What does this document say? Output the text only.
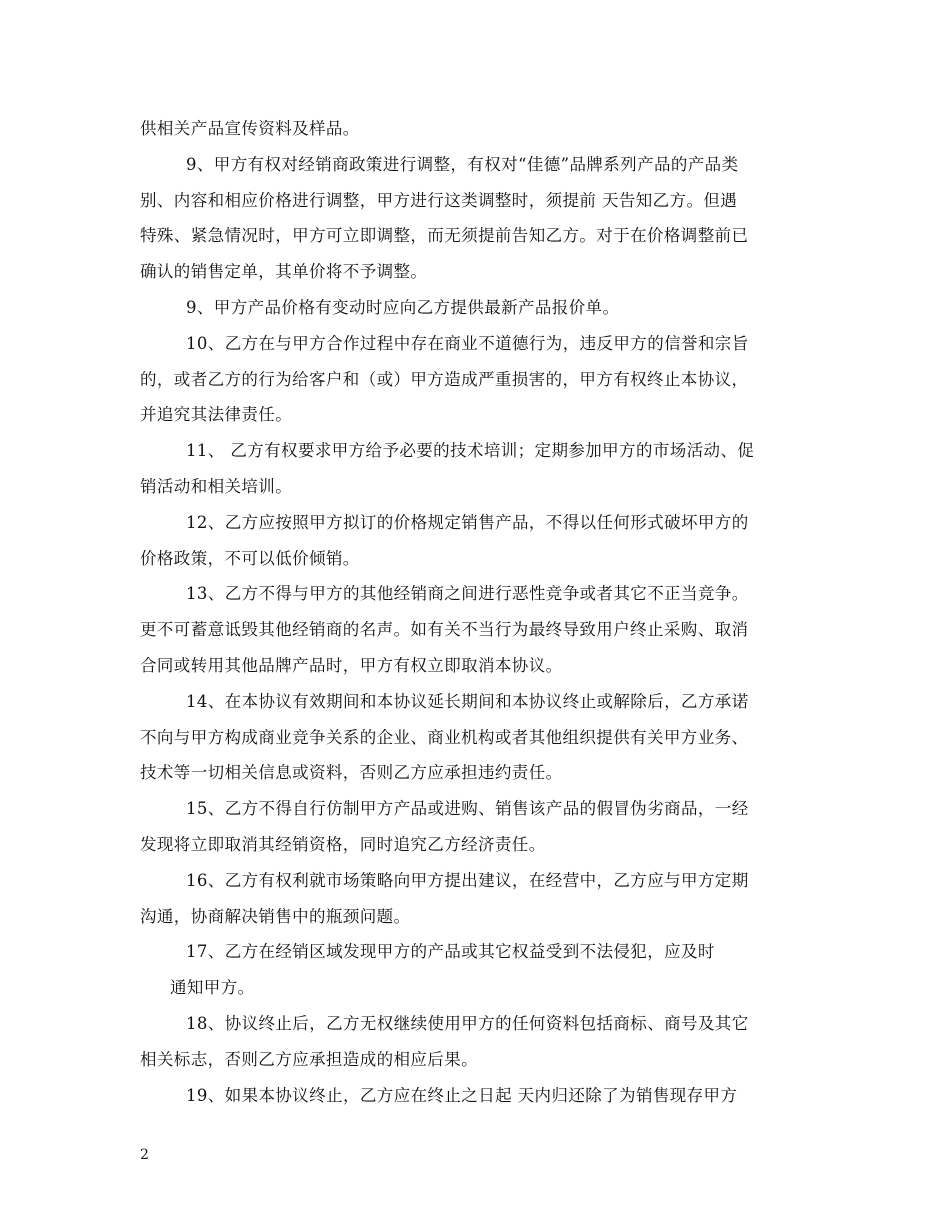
供相关产品宣传资料及样品。
9、甲方有权对经销商政策进行调整，有权对“佳德”品牌系列产品的产品类
别、内容和相应价格进行调整，甲方进行这类调整时，须提前 天告知乙方。但遇
特殊、紧急情况时，甲方可立即调整，而无须提前告知乙方。对于在价格调整前已
确认的销售定单，其单价将不予调整。
9、甲方产品价格有变动时应向乙方提供最新产品报价单。
10、乙方在与甲方合作过程中存在商业不道德行为，违反甲方的信誉和宗旨
的，或者乙方的行为给客户和（或）甲方造成严重损害的，甲方有权终止本协议，
并追究其法律责任。
11、 乙方有权要求甲方给予必要的技术培训；定期参加甲方的市场活动、促
销活动和相关培训。
12、乙方应按照甲方拟订的价格规定销售产品，不得以任何形式破坏甲方的
价格政策，不可以低价倾销。
13、乙方不得与甲方的其他经销商之间进行恶性竞争或者其它不正当竞争。
更不可蓄意诋毁其他经销商的名声。如有关不当行为最终导致用户终止采购、取消
合同或转用其他品牌产品时，甲方有权立即取消本协议。
14、在本协议有效期间和本协议延长期间和本协议终止或解除后，乙方承诺
不向与甲方构成商业竞争关系的企业、商业机构或者其他组织提供有关甲方业务、
技术等一切相关信息或资料，否则乙方应承担违约责任。
15、乙方不得自行仿制甲方产品或进购、销售该产品的假冒伪劣商品，一经
发现将立即取消其经销资格，同时追究乙方经济责任。
16、乙方有权利就市场策略向甲方提出建议，在经营中，乙方应与甲方定期
沟通，协商解决销售中的瓶颈问题。
17、乙方在经销区域发现甲方的产品或其它权益受到不法侵犯，应及时
通知甲方。
18、协议终止后，乙方无权继续使用甲方的任何资料包括商标、商号及其它
相关标志，否则乙方应承担造成的相应后果。
19、如果本协议终止，乙方应在终止之日起 天内归还除了为销售现存甲方
2
